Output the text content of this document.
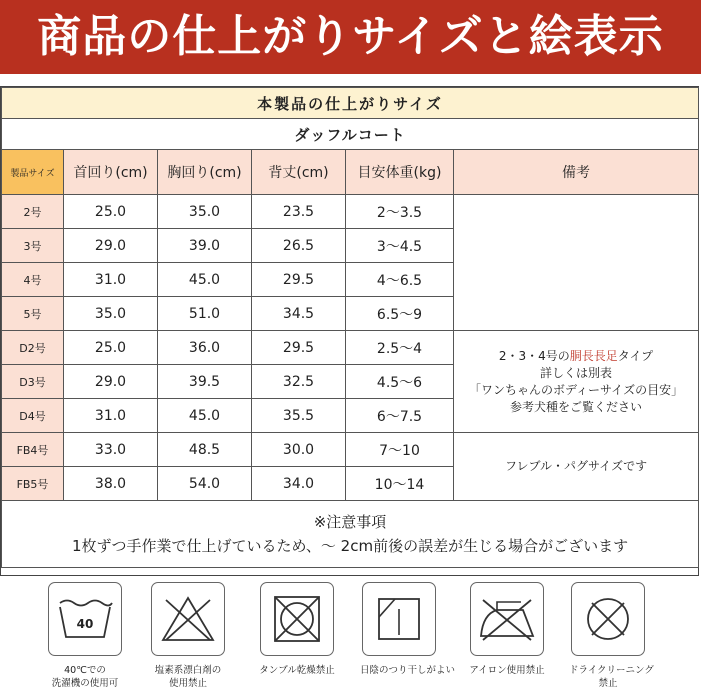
商品の仕上がりサイズと絵表示
本製品の仕上がりサイズ					
ダッフルコート					
製品サイズ	首回り(cm)	胸回り(cm)	背丈(cm)	目安体重(kg)	備考
2号	25.0	35.0	23.5	2〜3.5	
3号	29.0	39.0	26.5	3〜4.5	
4号	31.0	45.0	29.5	4〜6.5	
5号	35.0	51.0	34.5	6.5〜9	
D2号	25.0	36.0	29.5	2.5〜4	2・3・4号の胴長長足タイプ
詳しくは別表
「ワンちゃんのボディーサイズの目安」
参考犬種をご覧ください
D3号	29.0	39.5	32.5	4.5〜6	
D4号	31.0	45.0	35.5	6〜7.5	
FB4号	33.0	48.5	30.0	7〜10	フレブル・パグサイズです
FB5号	38.0	54.0	34.0	10〜14	
※注意事項
1枚ずつ手作業で仕上げているため、～ 2cm前後の誤差が生じる場合がございます					
40
40℃での
洗濯機の使用可
塩素系漂白剤の
使用禁止
タンブル乾燥禁止	日陰のつり干しがよい アイロン使用禁止	ドライクリーニング
禁止
